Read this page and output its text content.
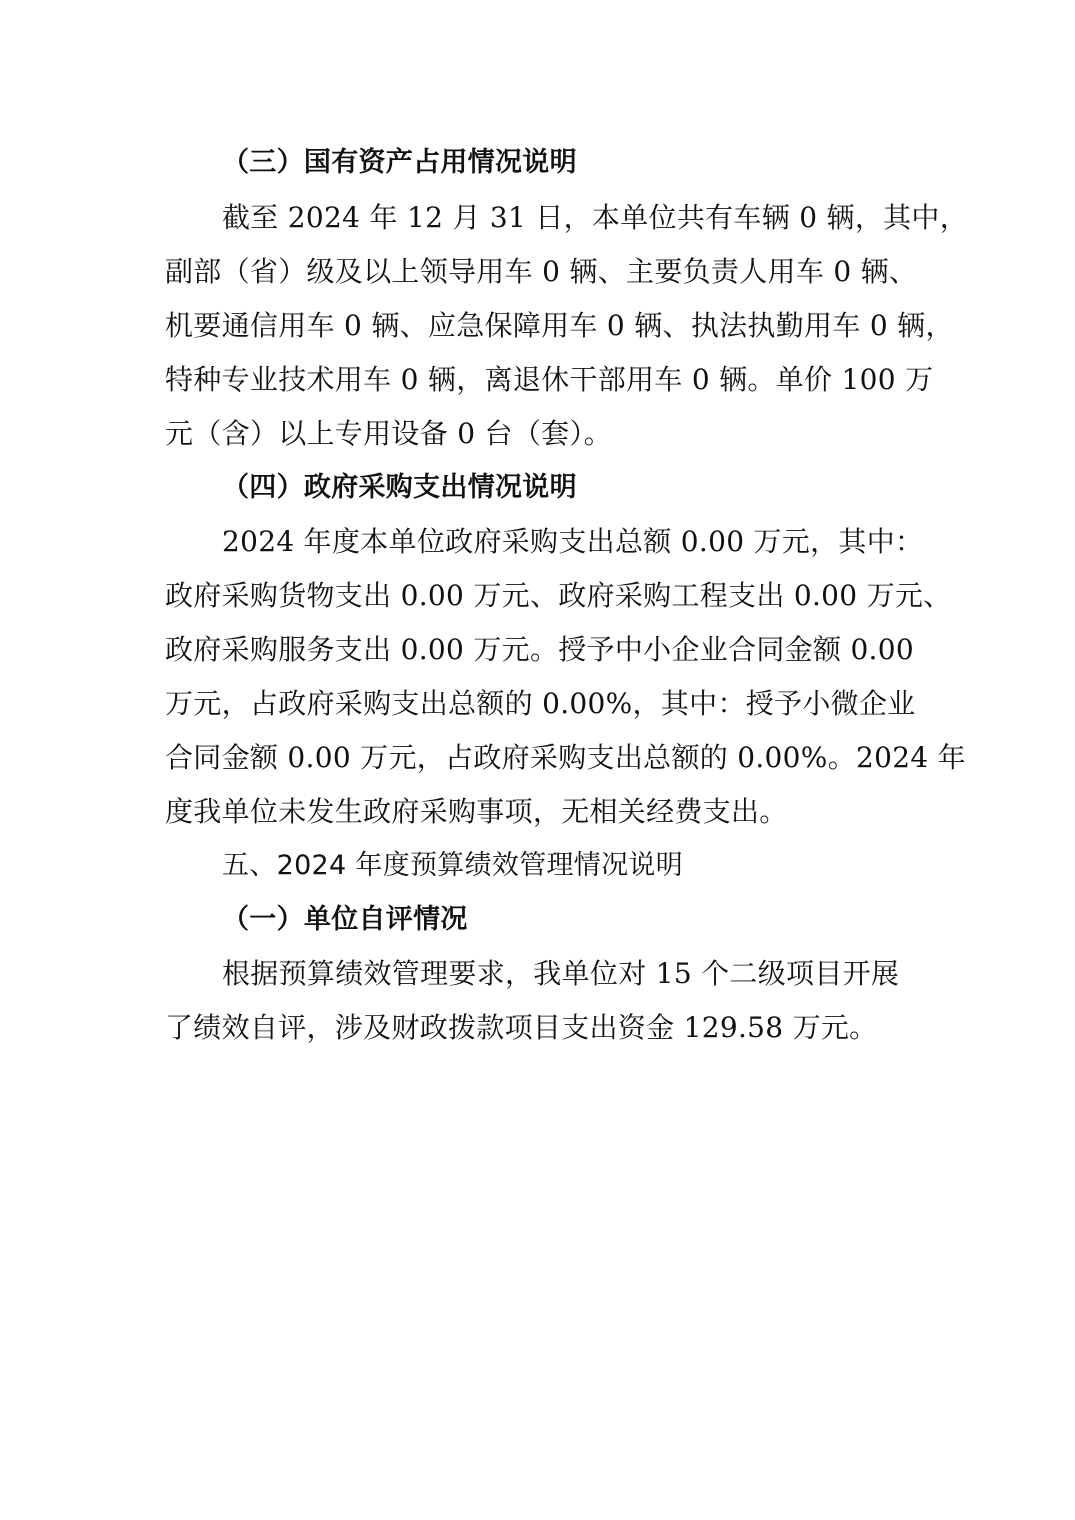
（三）国有资产占用情况说明
截至 2024 年 12 月 31 日，本单位共有车辆 0 辆，其中，
副部（省）级及以上领导用车 0 辆、主要负责人用车 0 辆、
机要通信用车 0 辆、应急保障用车 0 辆、执法执勤用车 0 辆，
特种专业技术用车 0 辆，离退休干部用车 0 辆。单价 100 万
元（含）以上专用设备 0 台（套）。
（四）政府采购支出情况说明
2024 年度本单位政府采购支出总额 0.00 万元，其中：
政府采购货物支出 0.00 万元、政府采购工程支出 0.00 万元、
政府采购服务支出 0.00 万元。授予中小企业合同金额 0.00
万元，占政府采购支出总额的 0.00%，其中：授予小微企业
合同金额 0.00 万元，占政府采购支出总额的 0.00%。2024 年
度我单位未发生政府采购事项，无相关经费支出。
五、2024 年度预算绩效管理情况说明
（一）单位自评情况
根据预算绩效管理要求，我单位对 15 个二级项目开展
了绩效自评，涉及财政拨款项目支出资金 129.58 万元。
